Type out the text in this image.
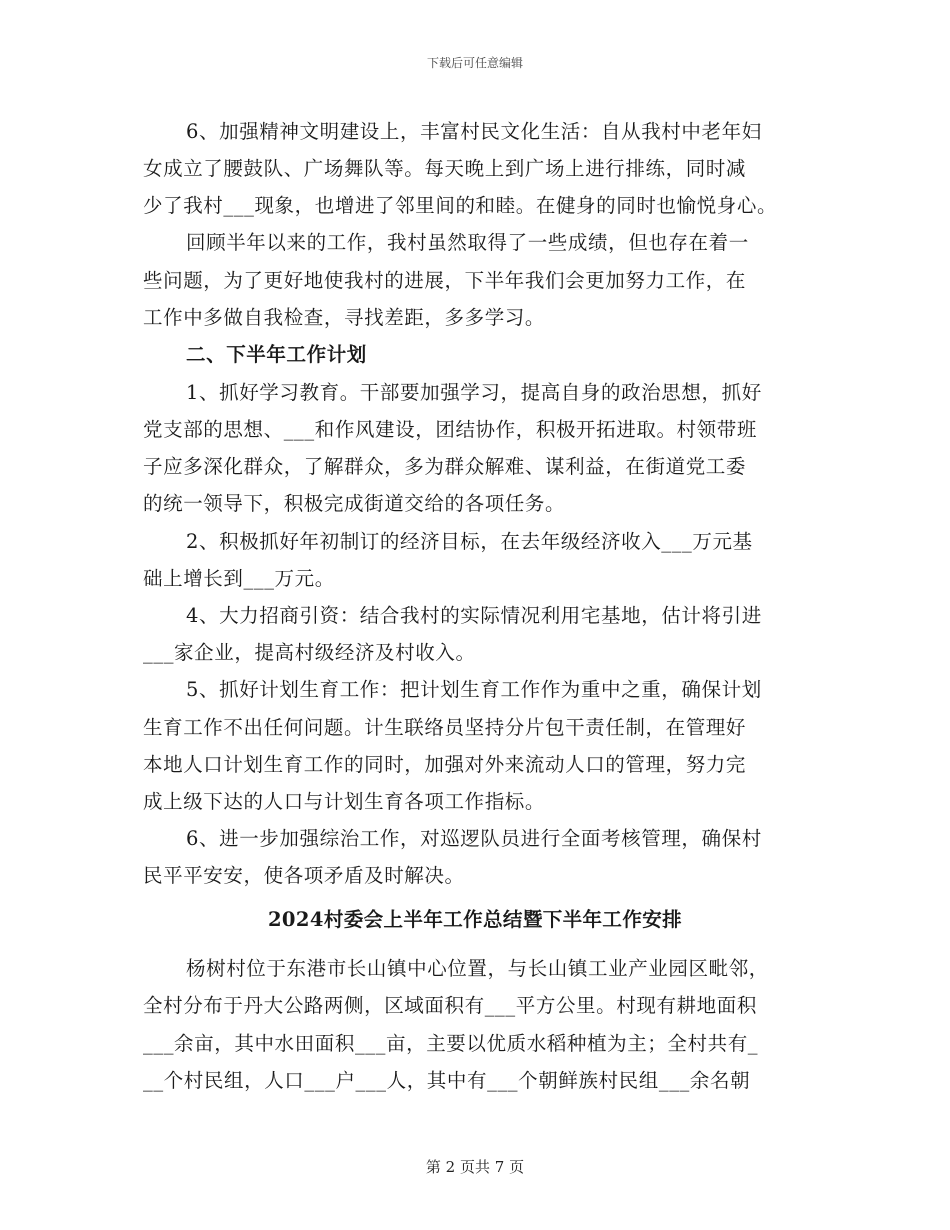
下载后可任意编辑
6、加强精神文明建设上，丰富村民文化生活：自从我村中老年妇
女成立了腰鼓队、广场舞队等。每天晚上到广场上进行排练，同时减
少了我村___现象，也增进了邻里间的和睦。在健身的同时也愉悦身心。
回顾半年以来的工作，我村虽然取得了一些成绩，但也存在着一
些问题，为了更好地使我村的进展，下半年我们会更加努力工作，在
工作中多做自我检查，寻找差距，多多学习。
二、下半年工作计划
1、抓好学习教育。干部要加强学习，提高自身的政治思想，抓好
党支部的思想、___和作风建设，团结协作，积极开拓进取。村领带班
子应多深化群众，了解群众，多为群众解难、谋利益，在街道党工委
的统一领导下，积极完成街道交给的各项任务。
2、积极抓好年初制订的经济目标，在去年级经济收入___万元基
础上增长到___万元。
4、大力招商引资：结合我村的实际情况利用宅基地，估计将引进
___家企业，提高村级经济及村收入。
5、抓好计划生育工作：把计划生育工作作为重中之重，确保计划
生育工作不出任何问题。计生联络员坚持分片包干责任制，在管理好
本地人口计划生育工作的同时，加强对外来流动人口的管理，努力完
成上级下达的人口与计划生育各项工作指标。
6、进一步加强综治工作，对巡逻队员进行全面考核管理，确保村
民平平安安，使各项矛盾及时解决。
2024村委会上半年工作总结暨下半年工作安排
杨树村位于东港市长山镇中心位置，与长山镇工业产业园区毗邻，
全村分布于丹大公路两侧，区域面积有___平方公里。村现有耕地面积
___余亩，其中水田面积___亩，主要以优质水稻种植为主；全村共有_
__个村民组，人口___户___人，其中有___个朝鲜族村民组___余名朝
第 2 页共 7 页
